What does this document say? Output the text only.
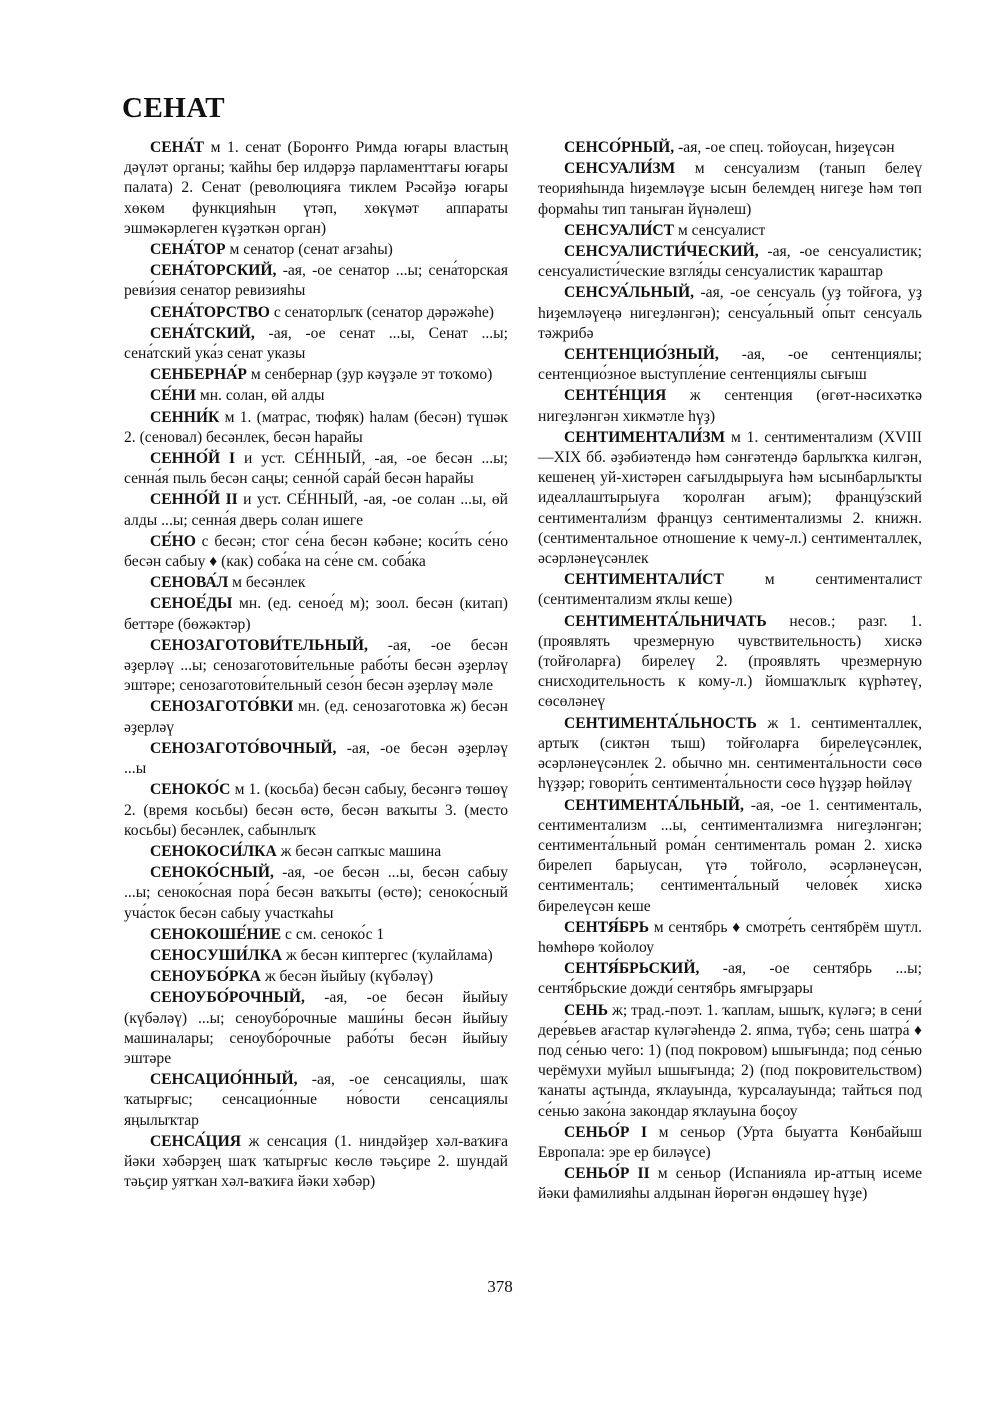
СЕНАТ

СЕНА́Т м 1. сенат (Бороҥғо Римда юғары властың дәүләт органы; ҡайһы бер илдәрҙә парламенттағы юғары палата) 2. Сенат (революцияға тиклем Рәсәйҙә юғары хөкөм функцияһын үтәп, хөкүмәт аппараты эшмәкәрлеген күҙәткән орган)

СЕНА́ТОР м сенатор (сенат ағзаһы)

СЕНА́ТОРСКИЙ, -ая, -ое сенатор ...ы; сена́торская реви́зия сенатор ревизияһы

СЕНА́ТОРСТВО с сенаторлыҡ (сенатор дәрәжәһе)

СЕНА́ТСКИЙ, -ая, -ое сенат ...ы, Сенат ...ы; сена́тский ука́з сенат указы

СЕНБЕРНА́Р м сенбернар (ҙур кәүҙәле эт тоҡомо)

СЕ́НИ мн. солан, өй алды

СЕННИ́К м 1. (матрас, тюфяк) һалам (бесән) түшәк 2. (сеновал) бесәнлек, бесән һарайы

СЕННО́Й I и уст. СЕ́ННЫЙ, -ая, -ое бесән ...ы; сенна́я пыль бесән саңы; сенно́й сара́й бесән һарайы

СЕННО́Й II и уст. СЕ́ННЫЙ, -ая, -ое солан ...ы, өй алды ...ы; сенна́я дверь солан ишеге

СЕ́НО с бесән; стог се́на бесән кәбәне; коси́ть се́но бесән сабыу ♦ (как) соба́ка на се́не см. соба́ка

СЕНОВА́Л м бесәнлек

СЕНОЕ́ДЫ мн. (ед. сеное́д м); зоол. бесән (китап) беттәре (бөжәктәр)

СЕНОЗАГОТОВИ́ТЕЛЬНЫЙ, -ая, -ое бесән әҙерләү ...ы; сенозаготови́тельные рабо́ты бесән әҙерләү эштәре; сенозаготови́тельный сезо́н бесән әҙерләү мәле

СЕНОЗАГОТО́ВКИ мн. (ед. сенозаготовка ж) бесән әҙерләү

СЕНОЗАГОТО́ВОЧНЫЙ, -ая, -ое бесән әҙерләү ...ы

СЕНОКО́С м 1. (косьба) бесән сабыу, бесәнгә төшөү 2. (время косьбы) бесән өстө, бесән ваҡыты 3. (место косьбы) бесәнлек, сабынлыҡ

СЕНОКОСИ́ЛКА ж бесән сапҡыс машина

СЕНОКО́СНЫЙ, -ая, -ое бесән ...ы, бесән сабыу ...ы; сеноко́сная пора́ бесән ваҡыты (өстө); сеноко́сный уча́сток бесән сабыу участкаһы

СЕНОКОШЕ́НИЕ с см. сеноко́с 1

СЕНОСУШИ́ЛКА ж бесән киптергес (ҡулайлама)

СЕНОУБО́РКА ж бесән йыйыу (күбәләү)

СЕНОУБО́РОЧНЫЙ, -ая, -ое бесән йыйыу (күбәләү) ...ы; сеноубо́рочные маши́ны бесән йыйыу машиналары; сеноубо́рочные рабо́ты бесән йыйыу эштәре

СЕНСАЦИО́ННЫЙ, -ая, -ое сенсациялы, шаҡ ҡатырғыс; сенсацио́нные но́вости сенсациялы яңылыҡтар

СЕНСА́ЦИЯ ж сенсация (1. ниндәйҙер хәл-ваҡиға йәки хәбәрҙең шаҡ ҡатырғыс көслө тәьҫире 2. шундай тәьҫир уятҡан хәл-ваҡиға йәки хәбәр)

СЕНСО́РНЫЙ, -ая, -ое спец. тойоусан, һиҙеүсән

СЕНСУАЛИ́ЗМ м сенсуализм (танып белеү теорияһында һиҙемләүҙе ысын белемдең нигеҙе һәм төп формаһы тип таныған йүнәлеш)

СЕНСУАЛИ́СТ м сенсуалист

СЕНСУАЛИСТИ́ЧЕСКИЙ, -ая, -ое сенсуалистик; сенсуалисти́ческие взгля́ды сенсуалистик ҡараштар

СЕНСУА́ЛЬНЫЙ, -ая, -ое сенсуаль (уҙ тойғоға, уҙ һиҙемләүеңә нигеҙләнгән); сенсуа́льный о́пыт сенсуаль тәжрибә

СЕНТЕНЦИО́ЗНЫЙ, -ая, -ое сентенциялы; сентенцио́зное выступле́ние сентенциялы сығыш

СЕНТЕ́НЦИЯ ж сентенция (өгөт-нәсихәткә нигеҙләнгән хикмәтле һүҙ)

СЕНТИМЕНТАЛИ́ЗМ м 1. сентиментализм (XVIII—XIX бб. әҙәбиәтендә һәм сәнғәтендә барлыҡҡа килгән, кешенең уй-хистәрен сағылдырыуға һәм ысынбарлыҡты идеаллаштырыуға ҡоролған ағым); францу́зский сентиментали́зм француз сентиментализмы 2. книжн. (сентиментальное отношение к чему-л.) сентименталлек, әсәрләнеүсәнлек

СЕНТИМЕНТАЛИ́СТ м сентименталист (сентиментализм яҡлы кеше)

СЕНТИМЕНТА́ЛЬНИЧАТЬ несов.; разг. 1. (проявлять чрезмерную чувствительность) хискә (тойғоларға) бирелеү 2. (проявлять чрезмерную снисходительность к кому-л.) йомшаҡлыҡ күрһәтеү, сөсөләнеү

СЕНТИМЕНТА́ЛЬНОСТЬ ж 1. сентименталлек, артыҡ (сиктән тыш) тойғоларға бирелеүсәнлек, әсәрләнеүсәнлек 2. обычно мн. сентимента́льности сөсө һүҙҙәр; говори́ть сентимента́льности сөсө һүҙҙәр һөйләү

СЕНТИМЕНТА́ЛЬНЫЙ, -ая, -ое 1. сентименталь, сентиментализм ...ы, сентиментализмға нигеҙләнгән; сентимента́льный рома́н сентименталь роман 2. хискә бирелеп барыусан, үтә тойғоло, әсәрләнеүсән, сентименталь; сентимента́льный челове́к хискә бирелеүсән кеше

СЕНТЯ́БРЬ м сентябрь ♦ смотре́ть сентябрём шутл. һөмһөрө ҡойолоу

СЕНТЯ́БРЬСКИЙ, -ая, -ое сентябрь ...ы; сентя́брьские дожди́ сентябрь ямғырҙары

СЕНЬ ж; трад.-поэт. 1. ҡаплам, ышыҡ, күләгә; в сени́ дере́вьев ағастар күләгәһендә 2. япма, түбә; сень шатра́ ♦ под се́нью чего: 1) (под покровом) ышығында; под се́нью черёмухи муйыл ышығында; 2) (под покровительством) ҡанаты аҫтында, яҡлауында, ҡурсалауында; тайться под се́нью зако́на закондар яҡлауына боҫоу

СЕНЬО́Р I м сеньор (Урта быуатта Көнбайыш Европала: эре ер биләүсе)

СЕНЬО́Р II м сеньор (Испанияла ир-аттың исеме йәки фамилияһы алдынан йөрөгән өндәшеү һүҙе)

378
